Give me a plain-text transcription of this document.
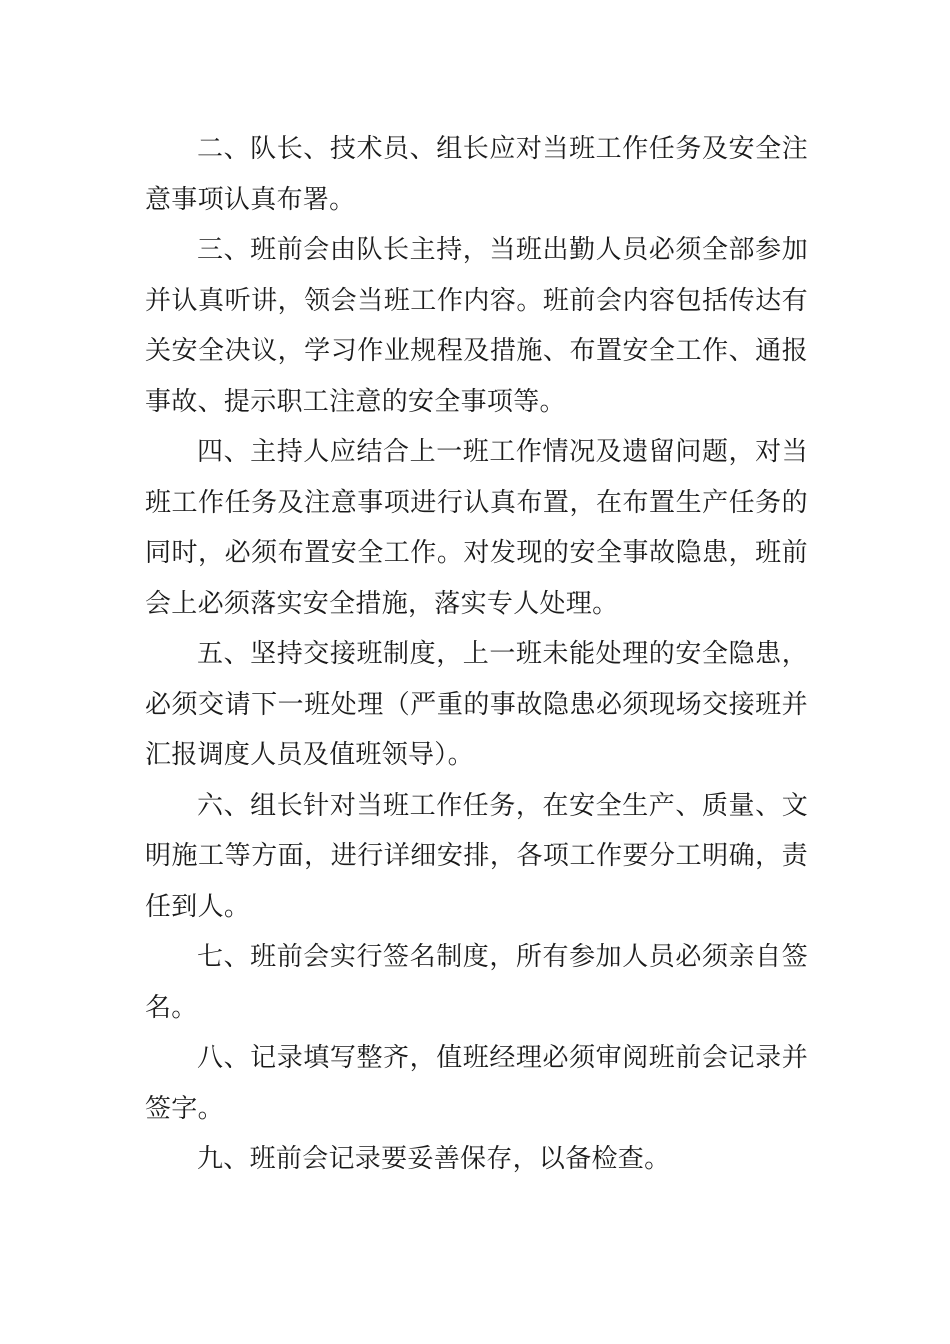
二、队长、技术员、组长应对当班工作任务及安全注意事项认真布署。

三、班前会由队长主持，当班出勤人员必须全部参加并认真听讲，领会当班工作内容。班前会内容包括传达有关安全决议，学习作业规程及措施、布置安全工作、通报事故、提示职工注意的安全事项等。

四、主持人应结合上一班工作情况及遗留问题，对当班工作任务及注意事项进行认真布置，在布置生产任务的同时，必须布置安全工作。对发现的安全事故隐患，班前会上必须落实安全措施，落实专人处理。

五、坚持交接班制度，上一班未能处理的安全隐患，必须交请下一班处理（严重的事故隐患必须现场交接班并汇报调度人员及值班领导）。

六、组长针对当班工作任务，在安全生产、质量、文明施工等方面，进行详细安排，各项工作要分工明确，责任到人。

七、班前会实行签名制度，所有参加人员必须亲自签名。

八、记录填写整齐，值班经理必须审阅班前会记录并签字。

九、班前会记录要妥善保存，以备检查。
